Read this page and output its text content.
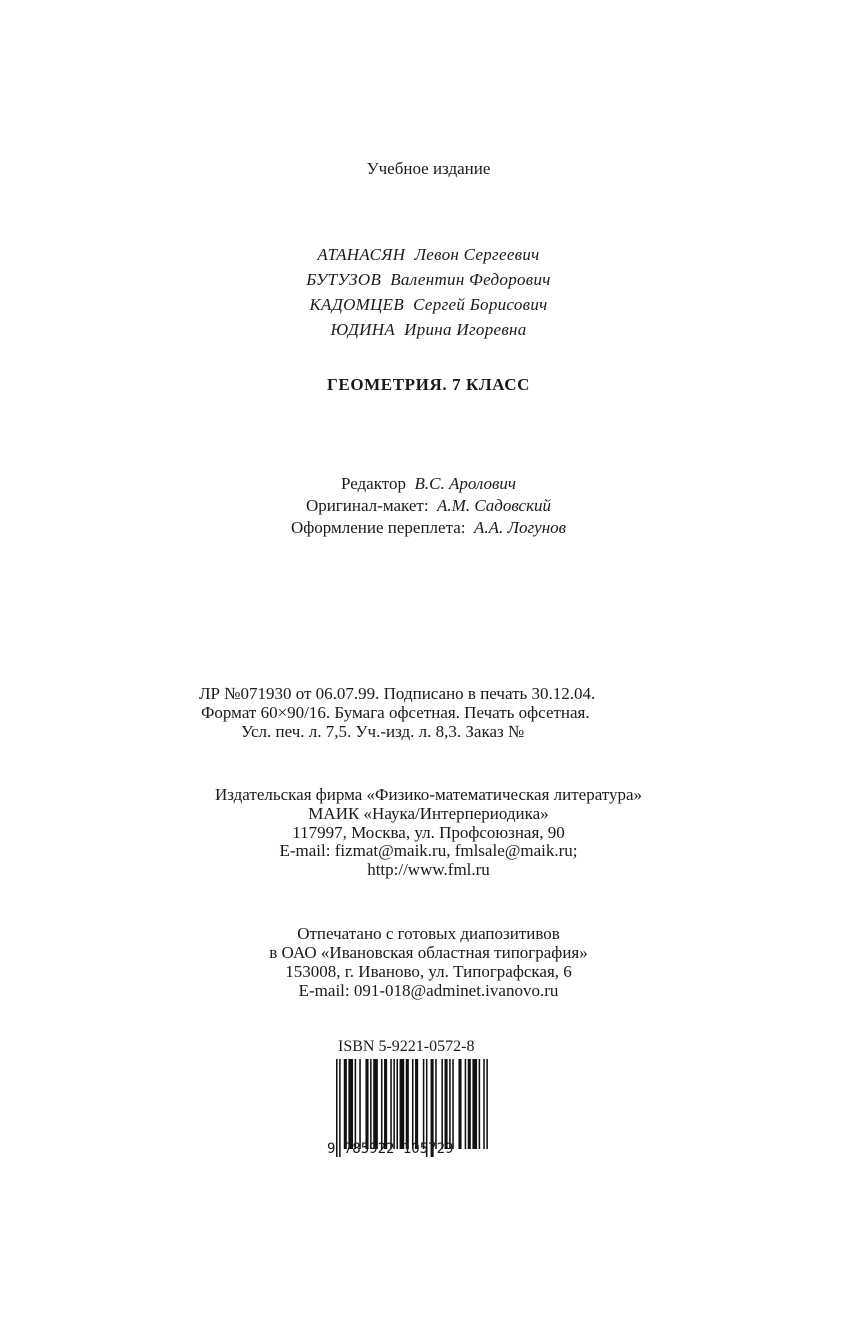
Учебное издание
АТАНАСЯН Левон Сергеевич
БУТУЗОВ Валентин Федорович
КАДОМЦЕВ Сергей Борисович
ЮДИНА Ирина Игоревна
ГЕОМЕТРИЯ. 7 КЛАСС
Редактор В.С. Аролович
Оригинал-макет: А.М. Садовский
Оформление переплета: А.А. Логунов
ЛР №071930 от 06.07.99. Подписано в печать 30.12.04.
Формат 60×90/16. Бумага офсетная. Печать офсетная.
Усл. печ. л. 7,5. Уч.-изд. л. 8,3. Заказ №
Издательская фирма «Физико-математическая литература»
МАИК «Наука/Интерпериодика»
117997, Москва, ул. Профсоюзная, 90
E-mail: fizmat@maik.ru, fmlsale@maik.ru;
http://www.fml.ru
Отпечатано с готовых диапозитивов
в ОАО «Ивановская областная типография»
153008, г. Иваново, ул. Типографская, 6
E-mail: 091-018@adminet.ivanovo.ru
ISBN 5-9221-0572-8
9 785922 105729
